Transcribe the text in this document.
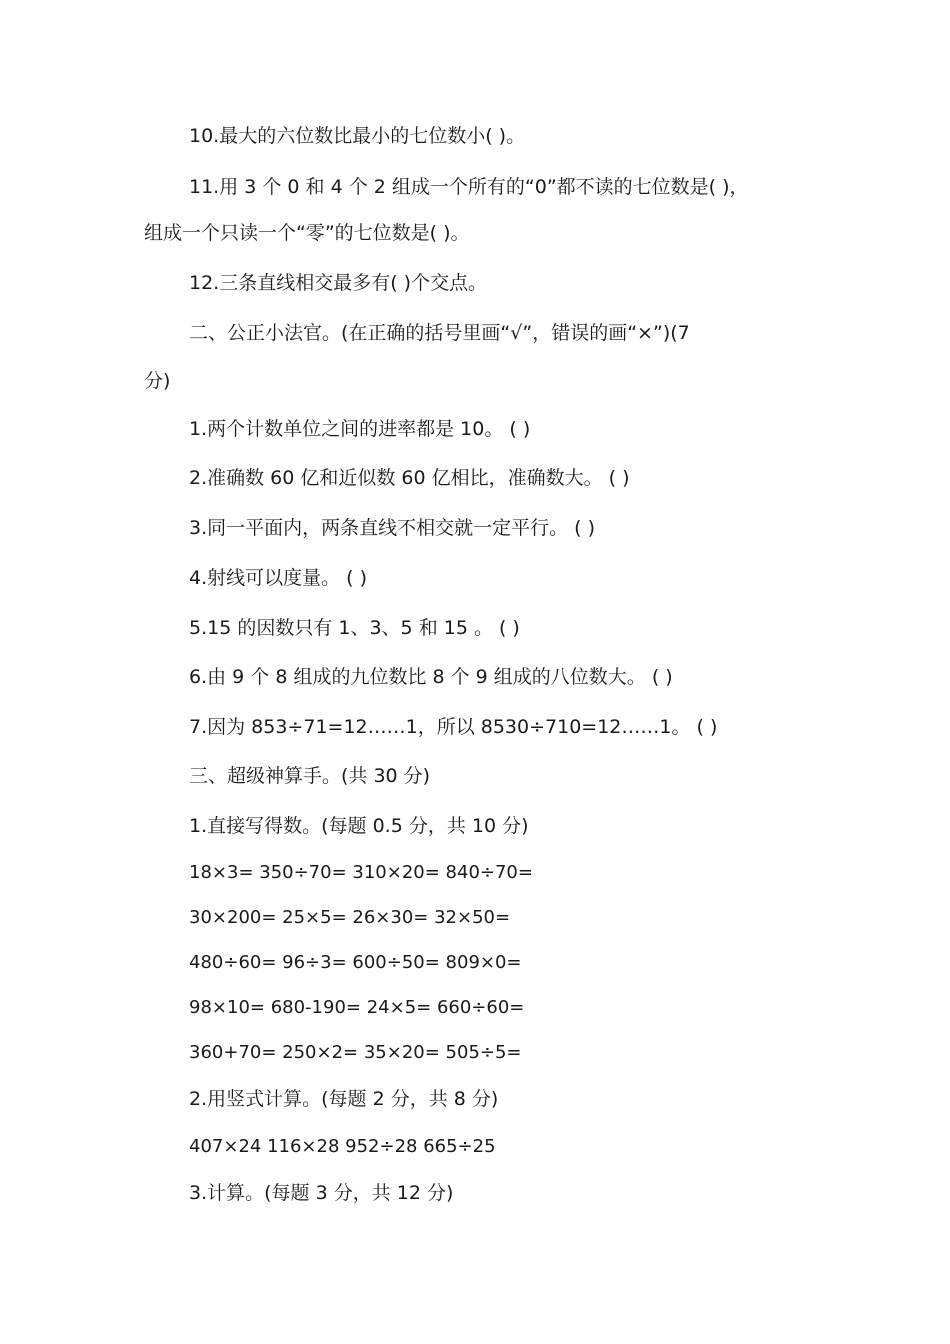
10.最大的六位数比最小的七位数小( )。
11.用 3 个 0 和 4 个 2 组成一个所有的“0”都不读的七位数是( )，
组成一个只读一个“零”的七位数是( )。
12.三条直线相交最多有( )个交点。
二、公正小法官。(在正确的括号里画“√”，错误的画“×”)(7
分)
1.两个计数单位之间的进率都是 10。 ( )
2.准确数 60 亿和近似数 60 亿相比，准确数大。 ( )
3.同一平面内，两条直线不相交就一定平行。 ( )
4.射线可以度量。 ( )
5.15 的因数只有 1、3、5 和 15 。 ( )
6.由 9 个 8 组成的九位数比 8 个 9 组成的八位数大。 ( )
7.因为 853÷71=12……1，所以 8530÷710=12……1。 ( )
三、超级神算手。(共 30 分)
1.直接写得数。(每题 0.5 分，共 10 分)
18×3= 350÷70= 310×20= 840÷70=
30×200= 25×5= 26×30= 32×50=
480÷60= 96÷3= 600÷50= 809×0=
98×10= 680-190= 24×5= 660÷60=
360+70= 250×2= 35×20= 505÷5=
2.用竖式计算。(每题 2 分，共 8 分)
407×24 116×28 952÷28 665÷25
3.计算。(每题 3 分，共 12 分)
